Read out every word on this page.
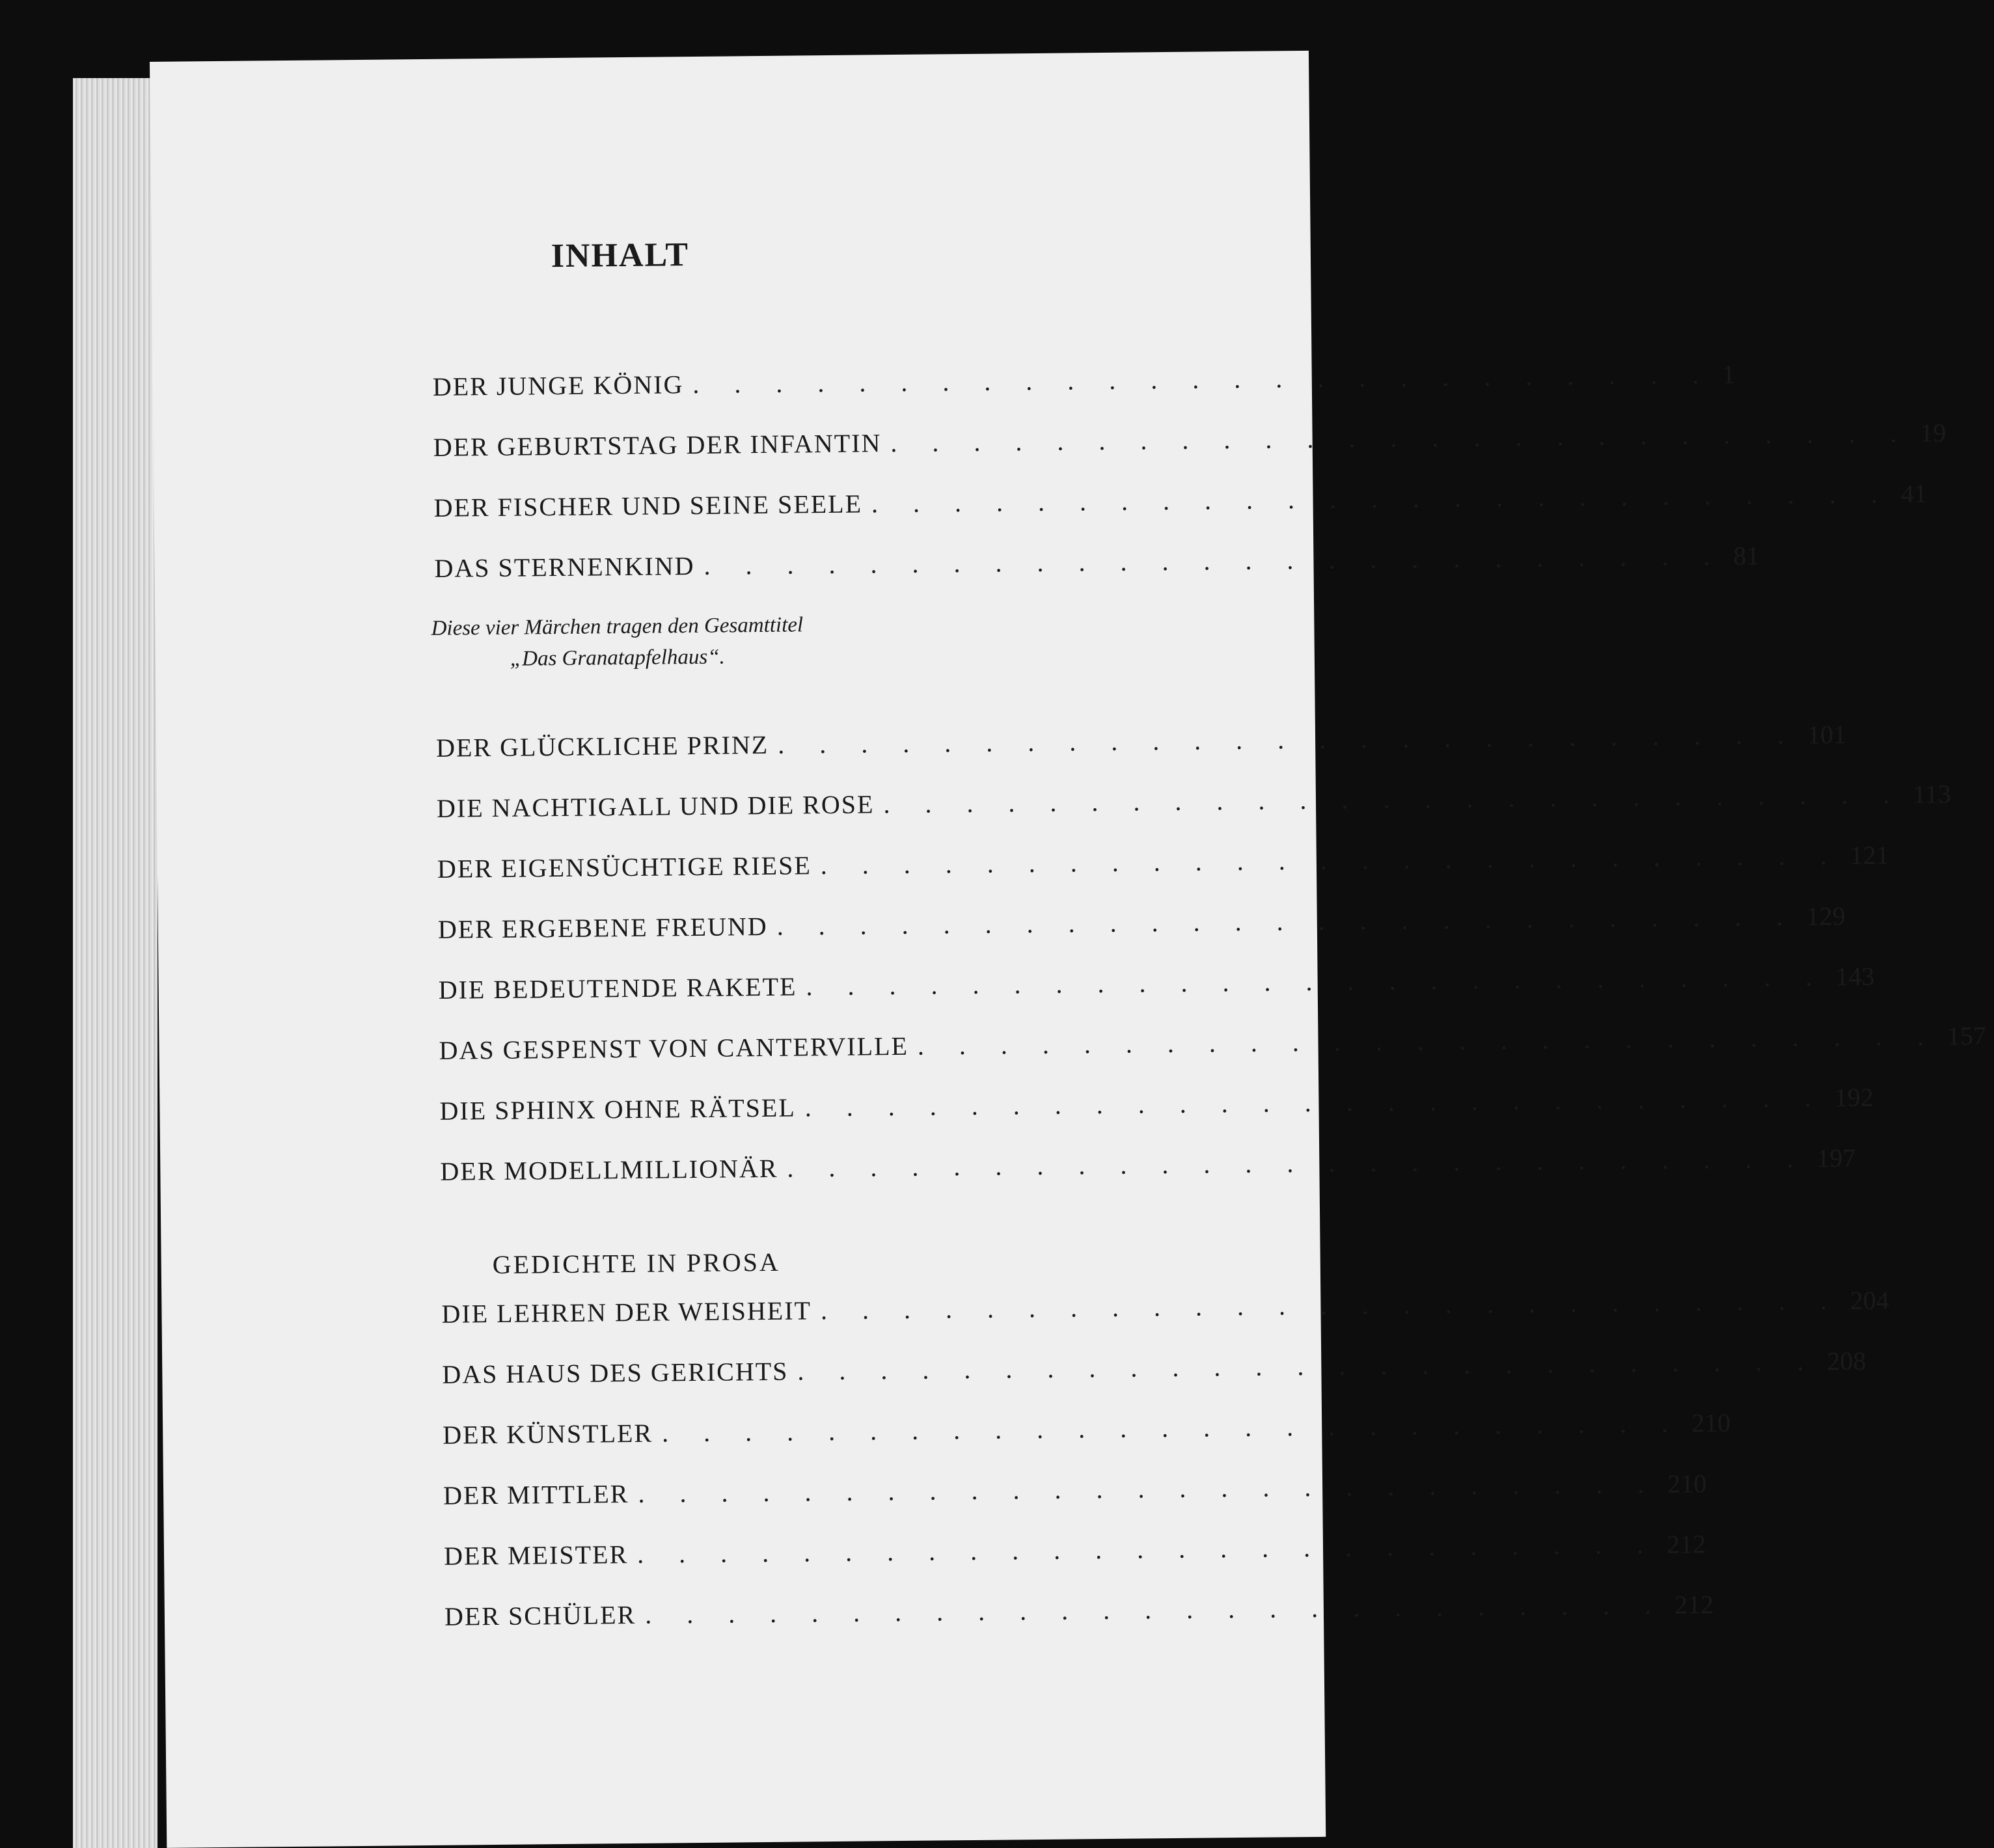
INHALT
DER JUNGE KÖNIG . . . . . . . . . . . . . . . . . . . . . . . . . 1
DER GEBURTSTAG DER INFANTIN . . . . . . . . . . . . . . . . . . . . . . . . . 19
DER FISCHER UND SEINE SEELE . . . . . . . . . . . . . . . . . . . . . . . . . 41
DAS STERNENKIND . . . . . . . . . . . . . . . . . . . . . . . . . 81
Diese vier Märchen tragen den Gesamttitel
„Das Granatapfelhaus“.
DER GLÜCKLICHE PRINZ . . . . . . . . . . . . . . . . . . . . . . . . . 101
DIE NACHTIGALL UND DIE ROSE . . . . . . . . . . . . . . . . . . . . . . . . . 113
DER EIGENSÜCHTIGE RIESE . . . . . . . . . . . . . . . . . . . . . . . . . 121
DER ERGEBENE FREUND . . . . . . . . . . . . . . . . . . . . . . . . . 129
DIE BEDEUTENDE RAKETE . . . . . . . . . . . . . . . . . . . . . . . . . 143
DAS GESPENST VON CANTERVILLE . . . . . . . . . . . . . . . . . . . . . . . . . 157
DIE SPHINX OHNE RÄTSEL . . . . . . . . . . . . . . . . . . . . . . . . . 192
DER MODELLMILLIONÄR . . . . . . . . . . . . . . . . . . . . . . . . . 197
GEDICHTE IN PROSA
DIE LEHREN DER WEISHEIT . . . . . . . . . . . . . . . . . . . . . . . . . 204
DAS HAUS DES GERICHTS . . . . . . . . . . . . . . . . . . . . . . . . . 208
DER KÜNSTLER . . . . . . . . . . . . . . . . . . . . . . . . . 210
DER MITTLER . . . . . . . . . . . . . . . . . . . . . . . . . 210
DER MEISTER . . . . . . . . . . . . . . . . . . . . . . . . . 212
DER SCHÜLER . . . . . . . . . . . . . . . . . . . . . . . . . 212
